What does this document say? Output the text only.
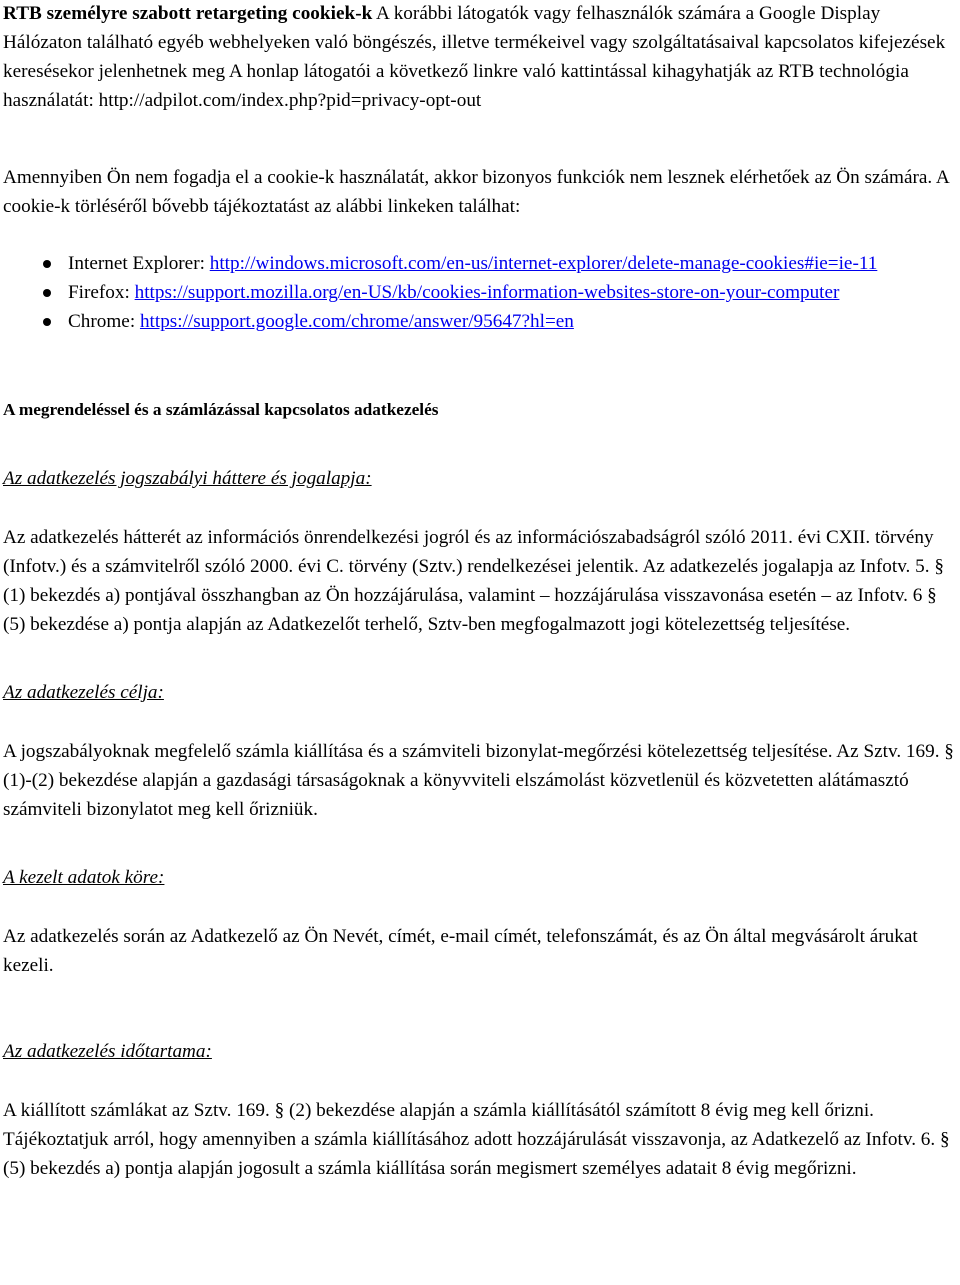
RTB személyre szabott retargeting cookiek-k A korábbi látogatók vagy felhasználók számára a Google Display Hálózaton található egyéb webhelyeken való böngészés, illetve termékeivel vagy szolgáltatásaival kapcsolatos kifejezések keresésekor jelenhetnek meg A honlap látogatói a következő linkre való kattintással kihagyhatják az RTB technológia használatát: http://adpilot.com/index.php?pid=privacy-opt-out

Amennyiben Ön nem fogadja el a cookie-k használatát, akkor bizonyos funkciók nem lesznek elérhetőek az Ön számára. A cookie-k törléséről bővebb tájékoztatást az alábbi linkeken találhat:

Internet Explorer: http://windows.microsoft.com/en-us/internet-explorer/delete-manage-cookies#ie=ie-11
Firefox: https://support.mozilla.org/en-US/kb/cookies-information-websites-store-on-your-computer
Chrome: https://support.google.com/chrome/answer/95647?hl=en

A megrendeléssel és a számlázással kapcsolatos adatkezelés

Az adatkezelés jogszabályi háttere és jogalapja:

Az adatkezelés hátterét az információs önrendelkezési jogról és az információszabadságról szóló 2011. évi CXII. törvény (Infotv.) és a számvitelről szóló 2000. évi C. törvény (Sztv.) rendelkezései jelentik. Az adatkezelés jogalapja az Infotv. 5. § (1) bekezdés a) pontjával összhangban az Ön hozzájárulása, valamint – hozzájárulása visszavonása esetén – az Infotv. 6 § (5) bekezdése a) pontja alapján az Adatkezelőt terhelő, Sztv-ben megfogalmazott jogi kötelezettség teljesítése.

Az adatkezelés célja:

A jogszabályoknak megfelelő számla kiállítása és a számviteli bizonylat-megőrzési kötelezettség teljesítése. Az Sztv. 169. § (1)-(2) bekezdése alapján a gazdasági társaságoknak a könyvviteli elszámolást közvetlenül és közvetetten alátámasztó számviteli bizonylatot meg kell őrizniük.

A kezelt adatok köre:

Az adatkezelés során az Adatkezelő az Ön Nevét, címét, e-mail címét, telefonszámát, és az Ön által megvásárolt árukat kezeli.

Az adatkezelés időtartama:

A kiállított számlákat az Sztv. 169. § (2) bekezdése alapján a számla kiállításától számított 8 évig meg kell őrizni. Tájékoztatjuk arról, hogy amennyiben a számla kiállításához adott hozzájárulását visszavonja, az Adatkezelő az Infotv. 6. § (5) bekezdés a) pontja alapján jogosult a számla kiállítása során megismert személyes adatait 8 évig megőrizni.
